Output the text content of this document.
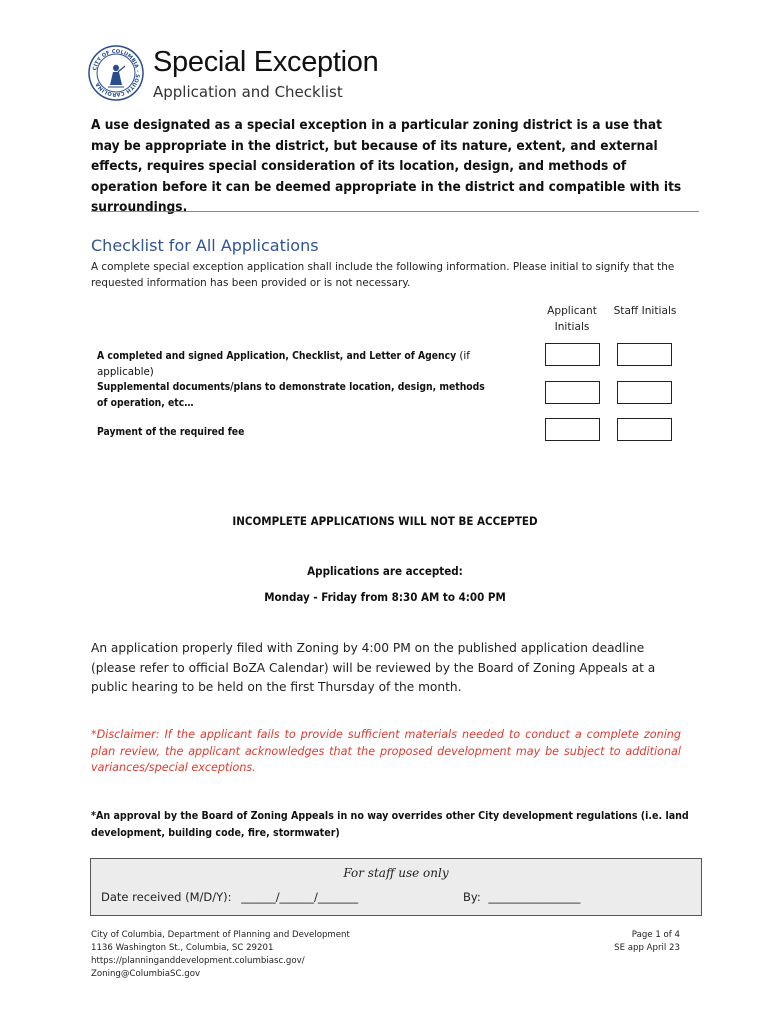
CITY OF COLUMBIA · SOUTH CAROLINA
Special Exception
Application and Checklist
A use designated as a special exception in a particular zoning district is a use that may be appropriate in the district, but because of its nature, extent, and external effects, requires special consideration of its location, design, and methods of operation before it can be deemed appropriate in the district and compatible with its surroundings.
Checklist for All Applications
A complete special exception application shall include the following information. Please initial to signify that the requested information has been provided or is not necessary.
Applicant Initials
Staff Initials
A completed and signed Application, Checklist, and Letter of Agency (if applicable)
Supplemental documents/plans to demonstrate location, design, methods of operation, etc…
Payment of the required fee
INCOMPLETE APPLICATIONS WILL NOT BE ACCEPTED
Applications are accepted:
Monday - Friday from 8:30 AM to 4:00 PM
An application properly filed with Zoning by 4:00 PM on the published application deadline (please refer to official BoZA Calendar) will be reviewed by the Board of Zoning Appeals at a public hearing to be held on the first Thursday of the month.
*Disclaimer: If the applicant fails to provide sufficient materials needed to conduct a complete zoning plan review, the applicant acknowledges that the proposed development may be subject to additional variances/special exceptions.
*An approval by the Board of Zoning Appeals in no way overrides other City development regulations (i.e. land development, building code, fire, stormwater)
For staff use only
Date received (M/D/Y): ______/______/_______	By: ________________
City of Columbia, Department of Planning and Development
1136 Washington St., Columbia, SC 29201
https://planninganddevelopment.columbiasc.gov/
Zoning@ColumbiaSC.gov
Page 1 of 4
SE app April 23
